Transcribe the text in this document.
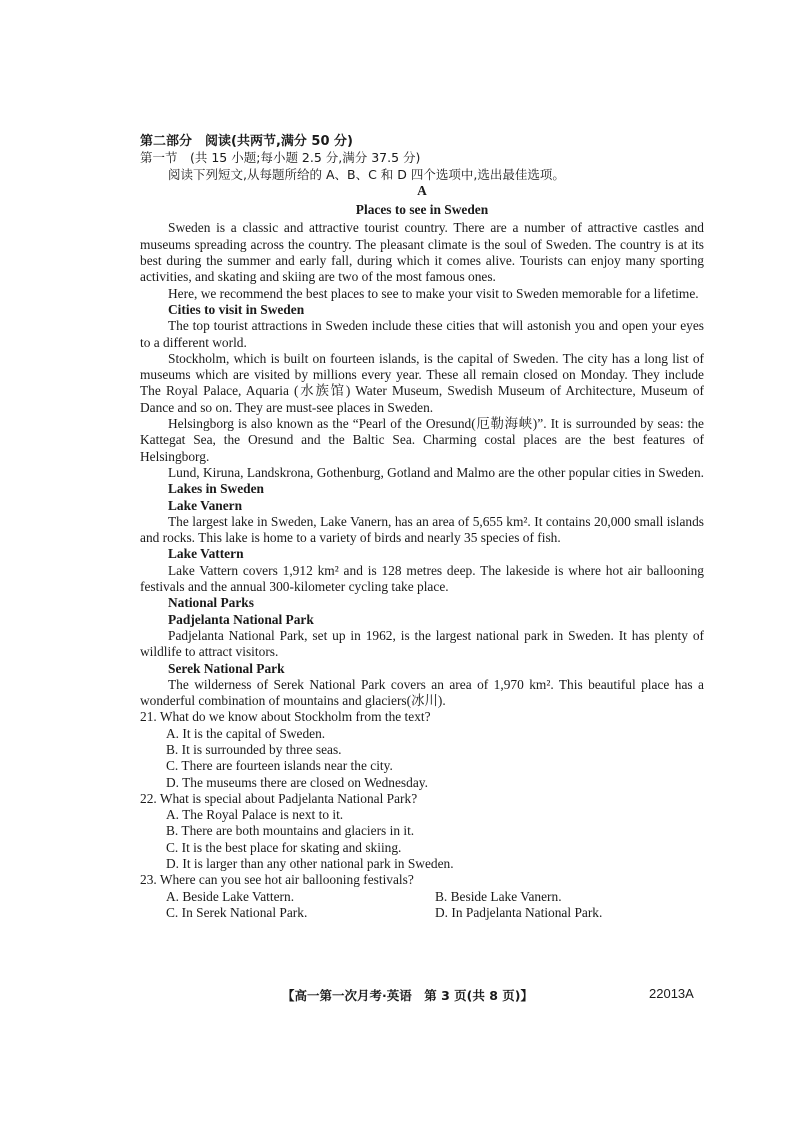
第二部分　阅读(共两节,满分 50 分)
第一节　(共 15 小题;每小题 2.5 分,满分 37.5 分)
阅读下列短文,从每题所给的 A、B、C 和 D 四个选项中,选出最佳选项。
A
Places to see in Sweden

Sweden is a classic and attractive tourist country. There are a number of attractive castles and museums spreading across the country. The pleasant climate is the soul of Sweden. The country is at its best during the summer and early fall, during which it comes alive. Tourists can enjoy many sporting activities, and skating and skiing are two of the most famous ones.

Here, we recommend the best places to see to make your visit to Sweden memorable for a lifetime.

Cities to visit in Sweden

The top tourist attractions in Sweden include these cities that will astonish you and open your eyes to a different world.

Stockholm, which is built on fourteen islands, is the capital of Sweden. The city has a long list of museums which are visited by millions every year. These all remain closed on Monday. They include The Royal Palace, Aquaria (水族馆) Water Museum, Swedish Museum of Architecture, Museum of Dance and so on. They are must-see places in Sweden.

Helsingborg is also known as the “Pearl of the Oresund(厄勒海峡)”. It is surrounded by seas: the Kattegat Sea, the Oresund and the Baltic Sea. Charming costal places are the best features of Helsingborg.

Lund, Kiruna, Landskrona, Gothenburg, Gotland and Malmo are the other popular cities in Sweden.

Lakes in Sweden
Lake Vanern

The largest lake in Sweden, Lake Vanern, has an area of 5,655 km². It contains 20,000 small islands and rocks. This lake is home to a variety of birds and nearly 35 species of fish.

Lake Vattern

Lake Vattern covers 1,912 km² and is 128 metres deep. The lakeside is where hot air ballooning festivals and the annual 300-kilometer cycling take place.

National Parks
Padjelanta National Park

Padjelanta National Park, set up in 1962, is the largest national park in Sweden. It has plenty of wildlife to attract visitors.

Serek National Park

The wilderness of Serek National Park covers an area of 1,970 km². This beautiful place has a wonderful combination of mountains and glaciers(冰川).

21. What do we know about Stockholm from the text?
A. It is the capital of Sweden.
B. It is surrounded by three seas.
C. There are fourteen islands near the city.
D. The museums there are closed on Wednesday.
22. What is special about Padjelanta National Park?
A. The Royal Palace is next to it.
B. There are both mountains and glaciers in it.
C. It is the best place for skating and skiing.
D. It is larger than any other national park in Sweden.
23. Where can you see hot air ballooning festivals?
A. Beside Lake Vattern.	B. Beside Lake Vanern.
C. In Serek National Park.	D. In Padjelanta National Park.
【高一第一次月考·英语　第 3 页(共 8 页)】	22013A
